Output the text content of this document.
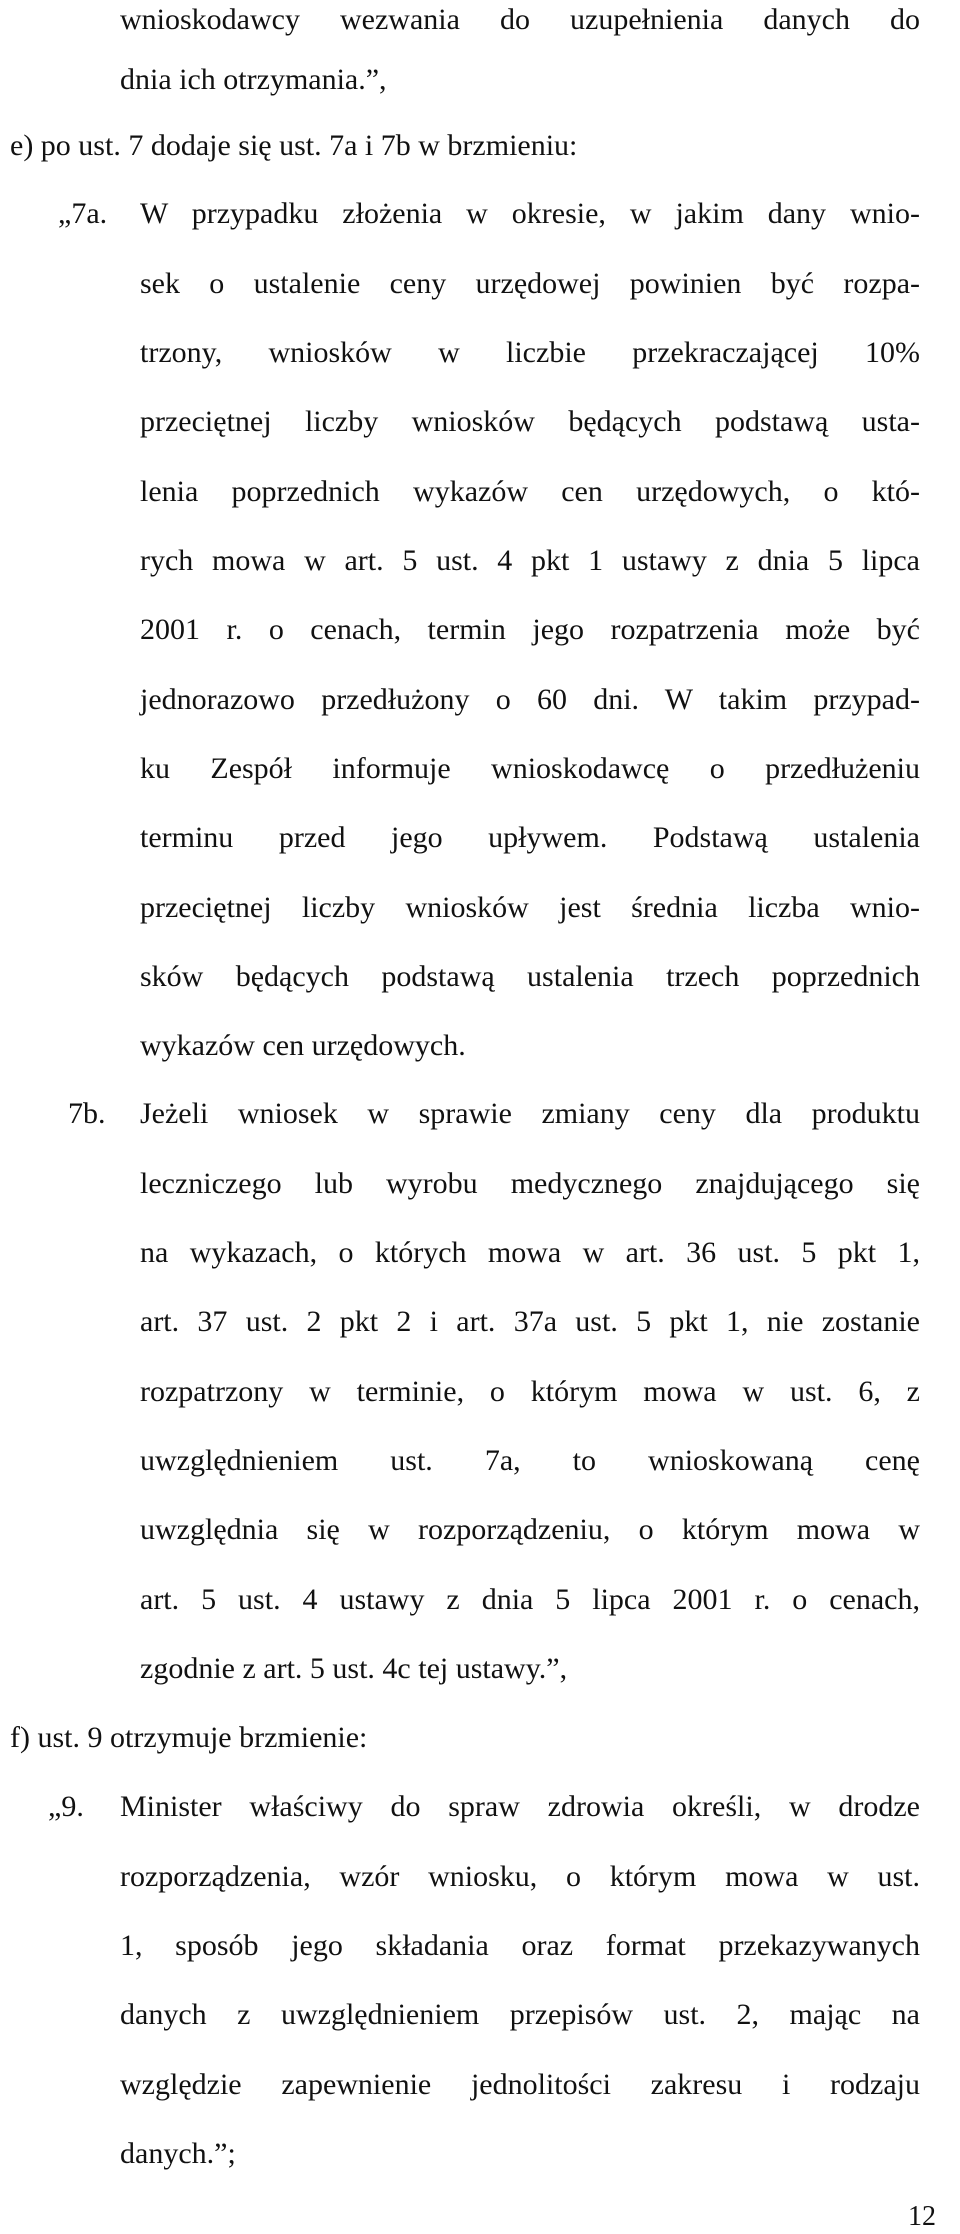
wnioskodawcy wezwania do uzupełnienia danych do

dnia ich otrzymania.”,

e) po ust. 7 dodaje się ust. 7a i 7b w brzmieniu:

„7a. W przypadku złożenia w okresie, w jakim dany wnio-

sek o ustalenie ceny urzędowej powinien być rozpa-

trzony, wniosków w liczbie przekraczającej 10%

przeciętnej liczby wniosków będących podstawą usta-

lenia poprzednich wykazów cen urzędowych, o któ-

rych mowa w art. 5 ust. 4 pkt 1 ustawy z dnia 5 lipca

2001 r. o cenach, termin jego rozpatrzenia może być

jednorazowo przedłużony o 60 dni. W takim przypad-

ku Zespół informuje wnioskodawcę o przedłużeniu

terminu przed jego upływem. Podstawą ustalenia

przeciętnej liczby wniosków jest średnia liczba wnio-

sków będących podstawą ustalenia trzech poprzednich

wykazów cen urzędowych.

7b. Jeżeli wniosek w sprawie zmiany ceny dla produktu

leczniczego lub wyrobu medycznego znajdującego się

na wykazach, o których mowa w art. 36 ust. 5 pkt 1,

art. 37 ust. 2 pkt 2 i art. 37a ust. 5 pkt 1, nie zostanie

rozpatrzony w terminie, o którym mowa w ust. 6, z

uwzględnieniem ust. 7a, to wnioskowaną cenę

uwzględnia się w rozporządzeniu, o którym mowa w

art. 5 ust. 4 ustawy z dnia 5 lipca 2001 r. o cenach,

zgodnie z art. 5 ust. 4c tej ustawy.”,

f) ust. 9 otrzymuje brzmienie:

„9. Minister właściwy do spraw zdrowia określi, w drodze

rozporządzenia, wzór wniosku, o którym mowa w ust.

1, sposób jego składania oraz format przekazywanych

danych z uwzględnieniem przepisów ust. 2, mając na

względzie zapewnienie jednolitości zakresu i rodzaju

danych.”;

12
